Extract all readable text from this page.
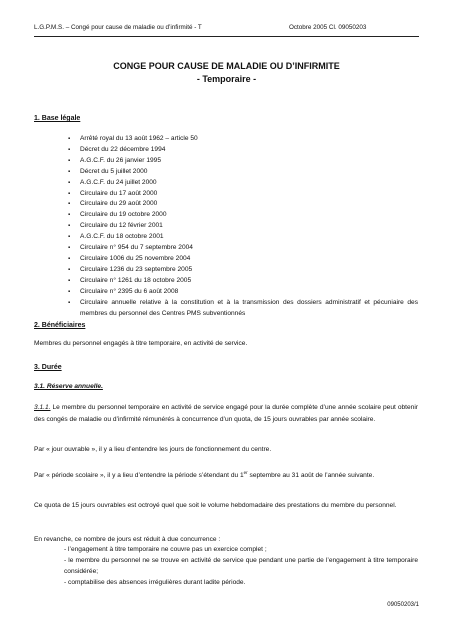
L.G.P.M.S. – Congé pour cause de maladie ou d’infirmité - T	Octobre 2005 Cl. 09050203
CONGE POUR CAUSE DE MALADIE OU D’INFIRMITE
- Temporaire -
1. Base légale
▪ Arrêté royal du 13 août 1962 – article 50
▪ Décret du 22 décembre 1994
▪ A.G.C.F. du 26 janvier 1995
▪ Décret du 5 juillet 2000
▪ A.G.C.F. du 24 juillet 2000
▪ Circulaire du 17 août 2000
▪ Circulaire du 29 août 2000
▪ Circulaire du 19 octobre 2000
▪ Circulaire du 12 février 2001
▪ A.G.C.F. du 18 octobre 2001
▪ Circulaire n° 954 du 7 septembre 2004
▪ Circulaire 1006 du 25 novembre 2004
▪ Circulaire 1236 du 23 septembre 2005
▪ Circulaire n° 1261 du 18 octobre 2005
▪ Circulaire n° 2395 du 6 août 2008
▪ Circulaire annuelle relative à la constitution et à la transmission des dossiers administratif et pécuniaire des membres du personnel des Centres PMS subventionnés
2. Bénéficiaires
Membres du personnel engagés à titre temporaire, en activité de service.
3. Durée
3.1. Réserve annuelle.
3.1.1. Le membre du personnel temporaire en activité de service engagé pour la durée complète d’une année scolaire peut obtenir des congés de maladie ou d’infirmité rémunérés à concurrence d’un quota, de 15 jours ouvrables par année scolaire.
Par « jour ouvrable », il y a lieu d’entendre les jours de fonctionnement du centre.
Par « période scolaire », il y a lieu d’entendre la période s’étendant du 1er septembre au 31 août de l’année suivante.
Ce quota de 15 jours ouvrables est octroyé quel que soit le volume hebdomadaire des prestations du membre du personnel.
En revanche, ce nombre de jours est réduit à due concurrence :
- l’engagement à titre temporaire ne couvre pas un exercice complet ;
- le membre du personnel ne se trouve en activité de service que pendant une partie de l’engagement à titre temporaire considérée;
- comptabilise des absences irrégulières durant ladite période.
09050203/1
